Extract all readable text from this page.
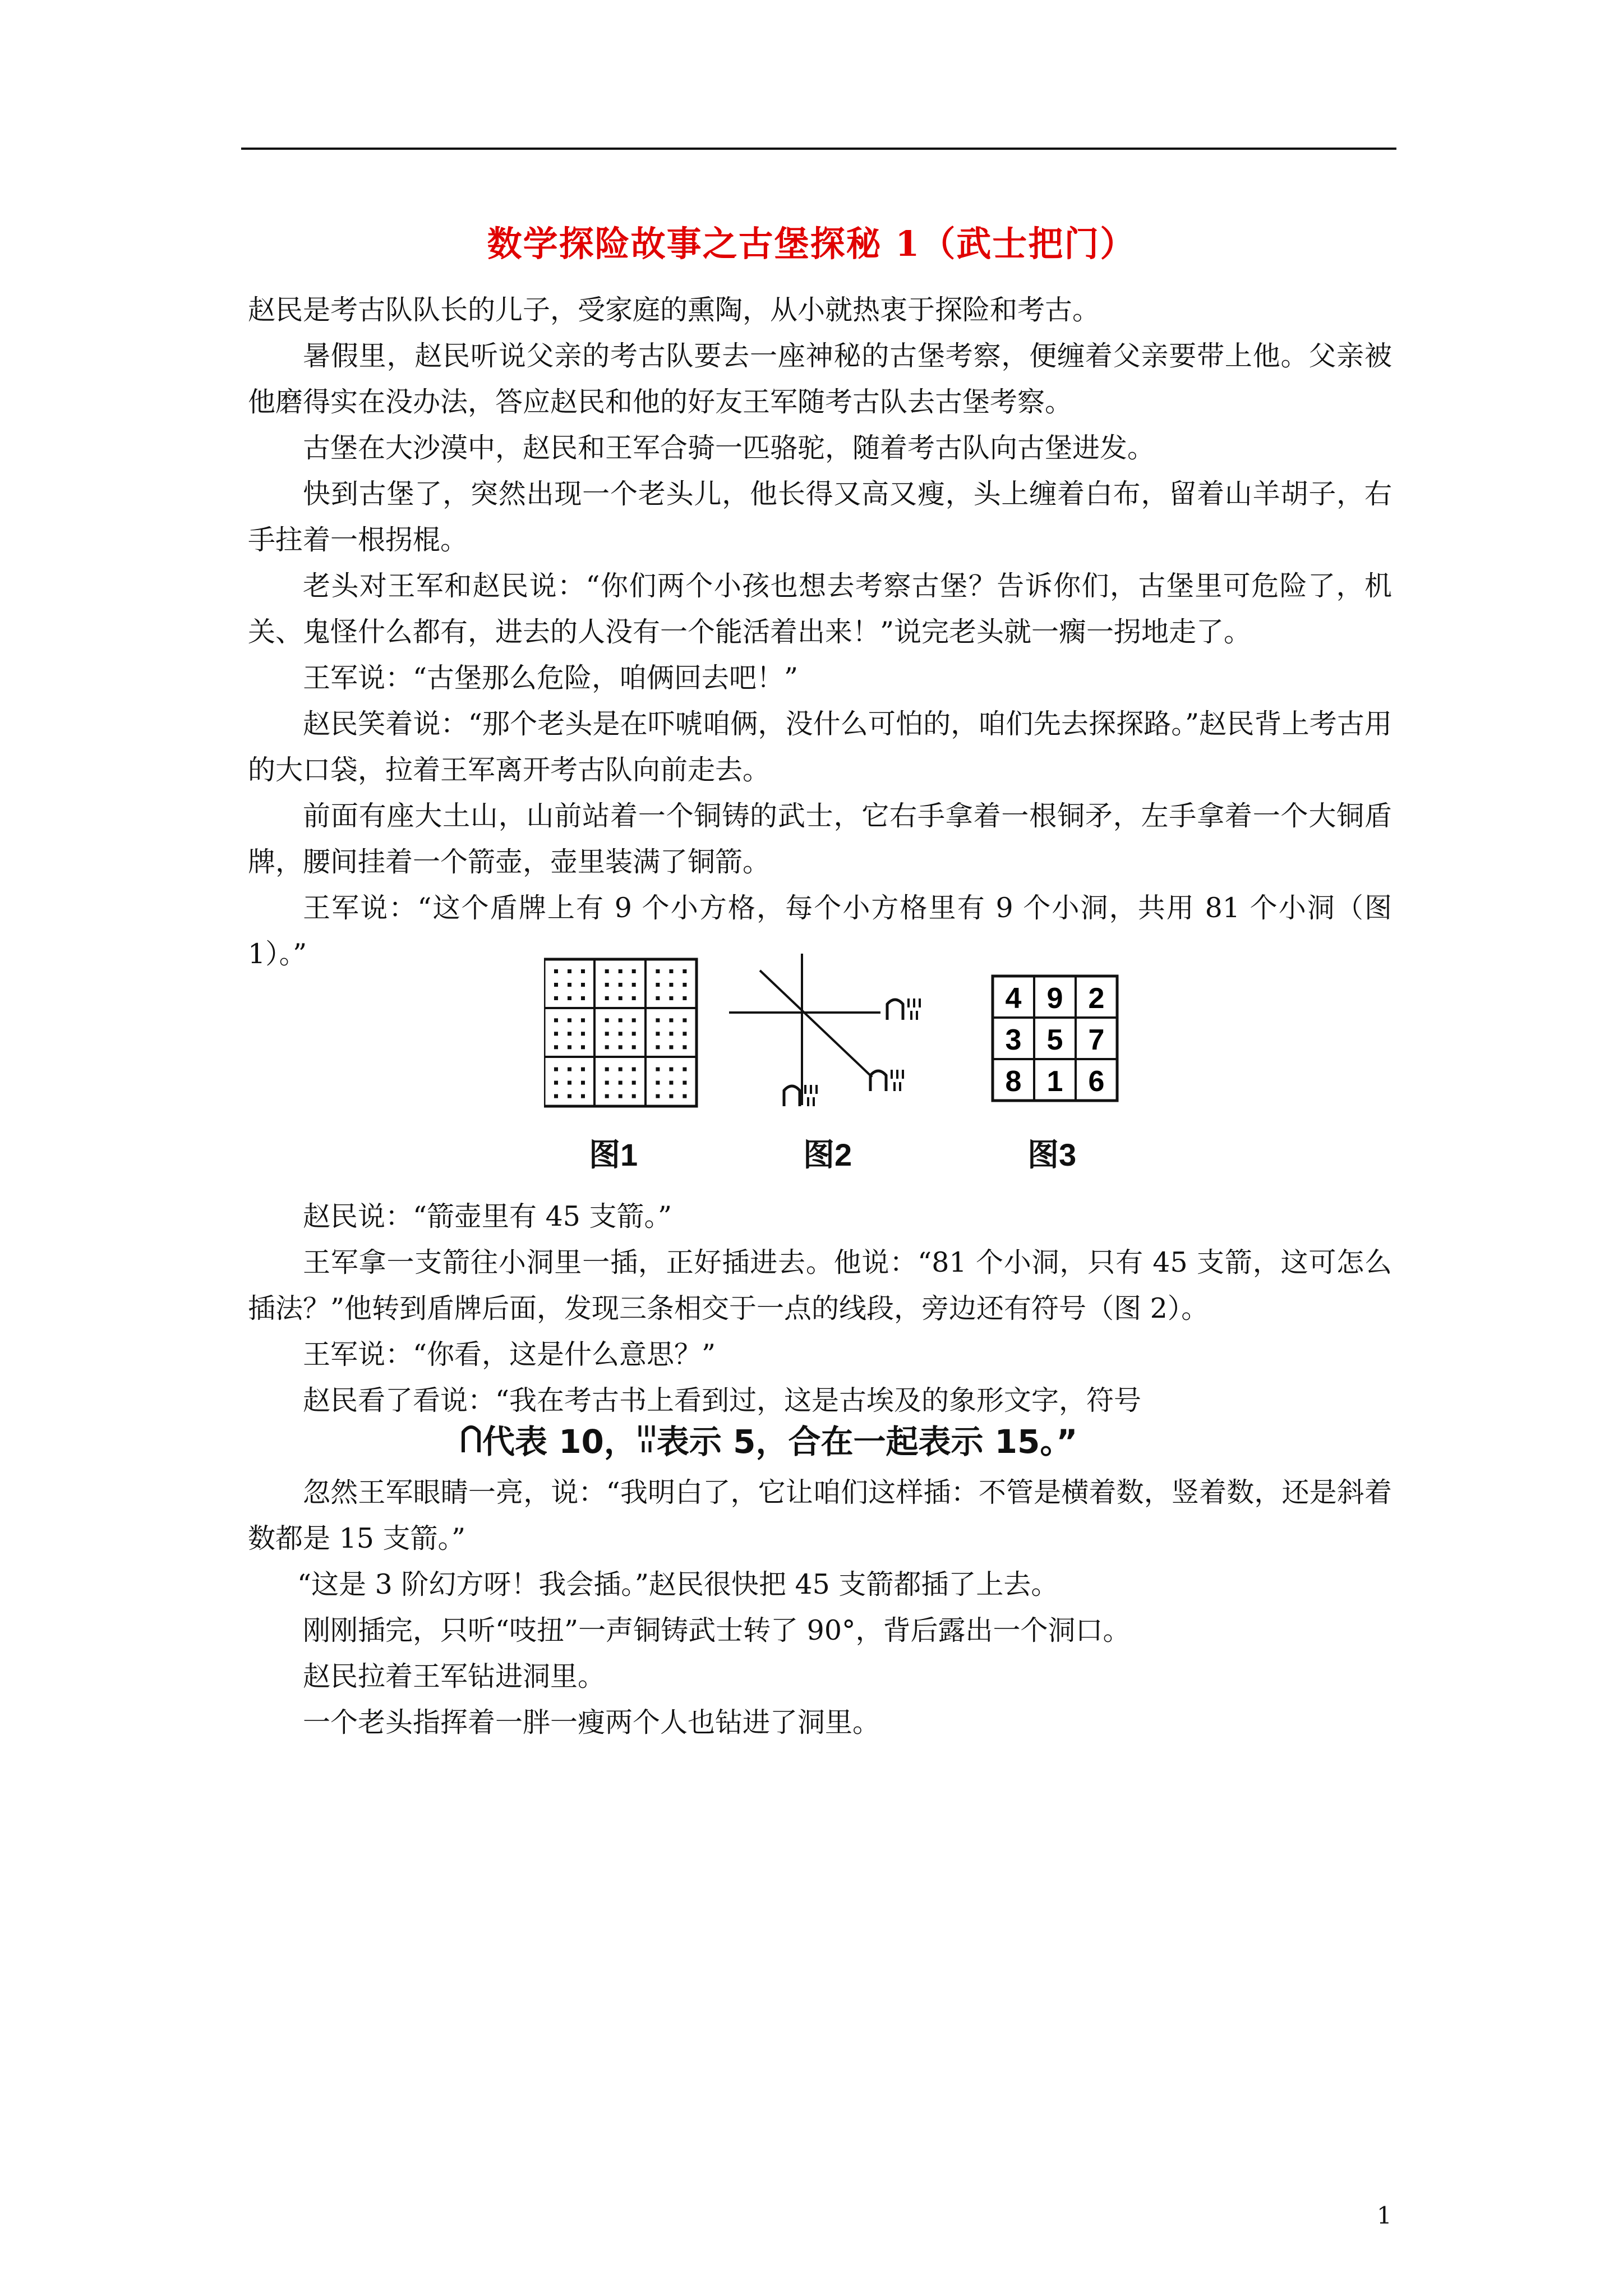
数学探险故事之古堡探秘 1（武士把门）

赵民是考古队队长的儿子，受家庭的熏陶，从小就热衷于探险和考古。

暑假里，赵民听说父亲的考古队要去一座神秘的古堡考察，便缠着父亲要带上他。父亲被他磨得实在没办法，答应赵民和他的好友王军随考古队去古堡考察。

古堡在大沙漠中，赵民和王军合骑一匹骆驼，随着考古队向古堡进发。

快到古堡了，突然出现一个老头儿，他长得又高又瘦，头上缠着白布，留着山羊胡子，右手拄着一根拐棍。

老头对王军和赵民说：“你们两个小孩也想去考察古堡？告诉你们，古堡里可危险了，机关、鬼怪什么都有，进去的人没有一个能活着出来！”说完老头就一瘸一拐地走了。

王军说：“古堡那么危险，咱俩回去吧！”

赵民笑着说：“那个老头是在吓唬咱俩，没什么可怕的，咱们先去探探路。”赵民背上考古用的大口袋，拉着王军离开考古队向前走去。

前面有座大土山，山前站着一个铜铸的武士，它右手拿着一根铜矛，左手拿着一个大铜盾牌，腰间挂着一个箭壶，壶里装满了铜箭。

王军说：“这个盾牌上有 9 个小方格，每个小方格里有 9 个小洞，共用 81 个小洞（图 1）。”

图1	图2
4 9 2
3 5 7
8 1 6
图3

赵民说：“箭壶里有 45 支箭。”

王军拿一支箭往小洞里一插，正好插进去。他说：“81 个小洞，只有 45 支箭，这可怎么插法？”他转到盾牌后面，发现三条相交于一点的线段，旁边还有符号（图 2）。

王军说：“你看，这是什么意思？”

赵民看了看说：“我在考古书上看到过，这是古埃及的象形文字，符号

代表 10， 表示 5，合在一起表示 15。”

忽然王军眼睛一亮，说：“我明白了，它让咱们这样插：不管是横着数，竖着数，还是斜着数都是 15 支箭。”

“这是 3 阶幻方呀！我会插。”赵民很快把 45 支箭都插了上去。

刚刚插完，只听“吱扭”一声铜铸武士转了 90°，背后露出一个洞口。

赵民拉着王军钻进洞里。

一个老头指挥着一胖一瘦两个人也钻进了洞里。

1
